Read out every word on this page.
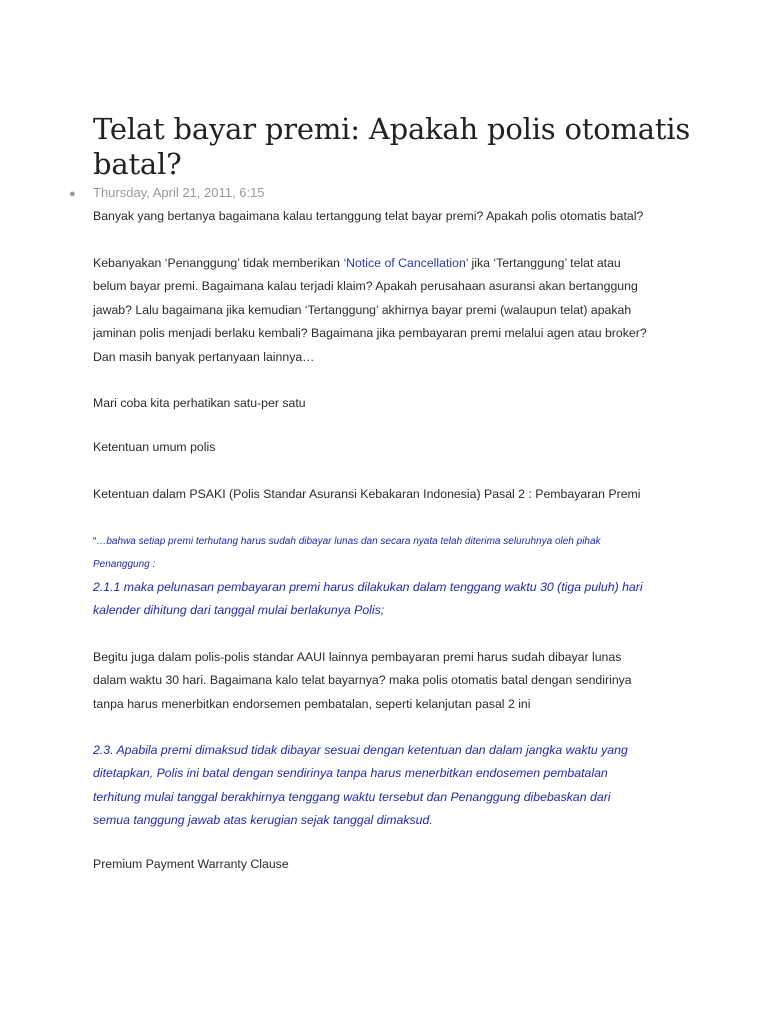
Telat bayar premi: Apakah polis otomatis
batal?
● Thursday, April 21, 2011, 6:15

Banyak yang bertanya bagaimana kalau tertanggung telat bayar premi? Apakah polis otomatis batal?

Kebanyakan ‘Penanggung’ tidak memberikan ‘Notice of Cancellation’ jika ‘Tertanggung’ telat atau
belum bayar premi. Bagaimana kalau terjadi klaim? Apakah perusahaan asuransi akan bertanggung
jawab? Lalu bagaimana jika kemudian ‘Tertanggung’ akhirnya bayar premi (walaupun telat) apakah
jaminan polis menjadi berlaku kembali? Bagaimana jika pembayaran premi melalui agen atau broker?
Dan masih banyak pertanyaan lainnya…

Mari coba kita perhatikan satu-per satu

Ketentuan umum polis

Ketentuan dalam PSAKI (Polis Standar Asuransi Kebakaran Indonesia) Pasal 2 : Pembayaran Premi

“…bahwa setiap premi terhutang harus sudah dibayar lunas dan secara nyata telah diterima seluruhnya oleh pihak
Penanggung :

2.1.1 maka pelunasan pembayaran premi harus dilakukan dalam tenggang waktu 30 (tiga puluh) hari
kalender dihitung dari tanggal mulai berlakunya Polis;

Begitu juga dalam polis-polis standar AAUI lainnya pembayaran premi harus sudah dibayar lunas
dalam waktu 30 hari. Bagaimana kalo telat bayarnya? maka polis otomatis batal dengan sendirinya
tanpa harus menerbitkan endorsemen pembatalan, seperti kelanjutan pasal 2 ini

2.3. Apabila premi dimaksud tidak dibayar sesuai dengan ketentuan dan dalam jangka waktu yang
ditetapkan, Polis ini batal dengan sendirinya tanpa harus menerbitkan endosemen pembatalan
terhitung mulai tanggal berakhirnya tenggang waktu tersebut dan Penanggung dibebaskan dari
semua tanggung jawab atas kerugian sejak tanggal dimaksud.

Premium Payment Warranty Clause
